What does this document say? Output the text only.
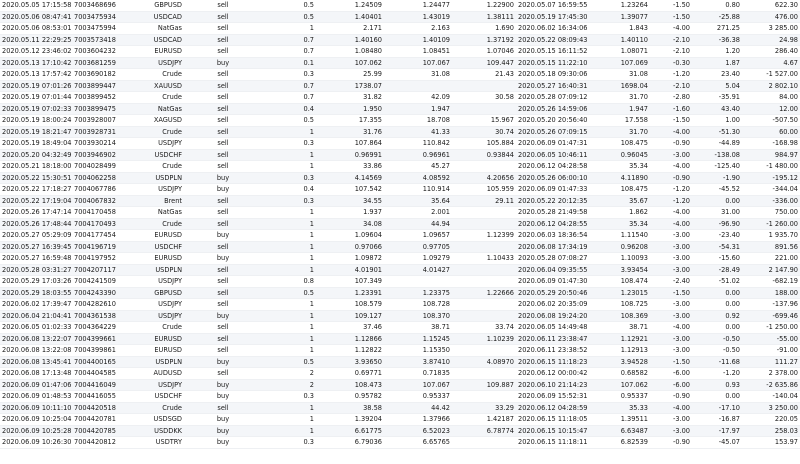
2020.05.05 17:15:58	7003468696	GBPUSD	sell	0.5	1.24509	1.24477	1.22900	2020.05.07 16:59:55	1.23264	-1.50	0.80	622.30
2020.05.06 08:47:41	7003475934	USDCAD	sell	0.5	1.40401	1.43019	1.38111	2020.05.19 17:45:30	1.39077	-1.50	-25.88	476.00
2020.05.06 08:53:01	7003475994	NatGas	sell	1	2.171	2.163	1.690	2020.06.02 16:34:06	1.843	-4.00	271.25	3 285.00
2020.05.11 22:29:25	7003573418	USDCAD	sell	0.7	1.40160	1.40109	1.37192	2020.05.22 08:09:43	1.40110	-2.10	-36.38	24.98
2020.05.12 23:46:02	7003604232	EURUSD	sell	0.7	1.08480	1.08451	1.07046	2020.05.15 16:11:52	1.08071	-2.10	1.20	286.40
2020.05.13 17:10:42	7003681259	USDJPY	buy	0.1	107.062	107.067	109.447	2020.05.15 11:22:10	107.069	-0.30	1.87	4.67
2020.05.13 17:57:42	7003690182	Crude	sell	0.3	25.99	31.08	21.43	2020.05.18 09:30:06	31.08	-1.20	23.40	-1 527.00
2020.05.19 07:01:26	7003899447	XAUUSD	sell	0.7	1738.07			2020.05.27 16:40:31	1698.04	-2.10	5.04	2 802.10
2020.05.19 07:01:44	7003899452	Crude	sell	0.7	31.82	42.09	30.58	2020.05.28 07:09:12	31.70	-2.80	-35.91	84.00
2020.05.19 07:02:33	7003899475	NatGas	sell	0.4	1.950	1.947		2020.05.26 14:59:06	1.947	-1.60	43.40	12.00
2020.05.19 18:00:24	7003928007	XAGUSD	sell	0.5	17.355	18.708	15.967	2020.05.20 20:56:40	17.558	-1.50	1.00	-507.50
2020.05.19 18:21:47	7003928731	Crude	sell	1	31.76	41.33	30.74	2020.05.26 07:09:15	31.70	-4.00	-51.30	60.00
2020.05.19 18:49:04	7003930214	USDJPY	sell	0.3	107.864	110.842	105.884	2020.06.09 01:47:31	108.475	-0.90	-44.89	-168.98
2020.05.20 04:32:49	7003946902	USDCHF	sell	1	0.96991	0.96961	0.93844	2020.06.05 10:46:11	0.96045	-3.00	-138.08	984.97
2020.05.21 18:18:00	7004028499	Crude	sell	1	33.86	45.27		2020.06.12 04:28:58	35.34	-4.00	-125.40	-1 480.00
2020.05.22 15:30:51	7004062258	USDPLN	buy	0.3	4.14569	4.08592	4.20656	2020.05.26 06:00:10	4.11890	-0.90	-1.90	-195.12
2020.05.22 17:18:27	7004067786	USDJPY	buy	0.4	107.542	110.914	105.959	2020.06.09 01:47:33	108.475	-1.20	-45.52	-344.04
2020.05.22 17:19:04	7004067832	Brent	sell	0.3	34.55	35.64	29.11	2020.05.22 20:12:35	35.67	-1.20	0.00	-336.00
2020.05.26 17:47:14	7004170458	NatGas	sell	1	1.937	2.001		2020.05.28 21:49:58	1.862	-4.00	31.00	750.00
2020.05.26 17:48:44	7004170493	Crude	sell	1	34.08	44.94		2020.06.12 04:28:55	35.34	-4.00	-96.90	-1 260.00
2020.05.27 05:29:09	7004177454	EURUSD	buy	1	1.09604	1.09657	1.12399	2020.06.03 18:36:54	1.11540	-3.00	-23.40	1 935.70
2020.05.27 16:39:45	7004196719	USDCHF	sell	1	0.97066	0.97705		2020.06.08 17:34:19	0.96208	-3.00	-54.31	891.56
2020.05.27 16:59:48	7004197952	EURUSD	buy	1	1.09872	1.09279	1.10433	2020.05.28 07:08:27	1.10093	-3.00	-15.60	221.00
2020.05.28 03:31:27	7004207117	USDPLN	sell	1	4.01901	4.01427		2020.06.04 09:35:55	3.93454	-3.00	-28.49	2 147.90
2020.05.29 17:03:26	7004241509	USDJPY	sell	0.8	107.349			2020.06.09 01:47:30	108.474	-2.40	-51.02	-682.19
2020.05.29 18:03:55	7004243390	GBPUSD	sell	0.5	1.23391	1.23375	1.22666	2020.05.29 20:50:46	1.23015	-1.50	0.00	188.00
2020.06.02 17:39:47	7004282610	USDJPY	sell	1	108.579	108.728		2020.06.02 20:35:09	108.725	-3.00	0.00	-137.96
2020.06.04 21:04:41	7004361538	USDJPY	buy	1	109.127	108.370		2020.06.08 19:24:20	108.369	-3.00	0.92	-699.46
2020.06.05 01:02:33	7004364229	Crude	sell	1	37.46	38.71	33.74	2020.06.05 14:49:48	38.71	-4.00	0.00	-1 250.00
2020.06.08 13:22:07	7004399661	EURUSD	sell	1	1.12866	1.15245	1.10239	2020.06.11 23:38:47	1.12921	-3.00	-0.50	-55.00
2020.06.08 13:22:08	7004399861	EURUSD	sell	1	1.12822	1.15350		2020.06.11 23:38:52	1.12913	-3.00	-0.50	-91.00
2020.06.08 13:45:41	7004400165	USDPLN	buy	0.5	3.93650	3.87410	4.08970	2020.06.15 11:18:23	3.94528	-1.50	-11.68	111.27
2020.06.08 17:13:48	7004404585	AUDUSD	sell	2	0.69771	0.71835		2020.06.12 00:00:42	0.68582	-6.00	-1.20	2 378.00
2020.06.09 01:47:06	7004416049	USDJPY	buy	2	108.473	107.067	109.887	2020.06.10 21:14:23	107.062	-6.00	0.93	-2 635.86
2020.06.09 01:48:53	7004416055	USDCHF	buy	0.3	0.95782	0.95337		2020.06.09 15:52:31	0.95337	-0.90	0.00	-140.04
2020.06.09 10:11:10	7004420518	Crude	sell	1	38.58	44.42	33.29	2020.06.12 04:28:59	35.33	-4.00	-17.10	3 250.00
2020.06.09 10:25:04	7004420781	USDSGD	buy	1	1.39204	1.37966	1.42187	2020.06.15 11:18:05	1.39511	-3.00	-16.87	220.05
2020.06.09 10:25:28	7004420785	USDDKK	buy	1	6.61775	6.52023	6.78774	2020.06.15 10:15:47	6.63487	-3.00	-17.97	258.03
2020.06.09 10:26:30	7004420812	USDTRY	buy	0.3	6.79036	6.65765		2020.06.15 11:18:11	6.82539	-0.90	-45.07	153.97
